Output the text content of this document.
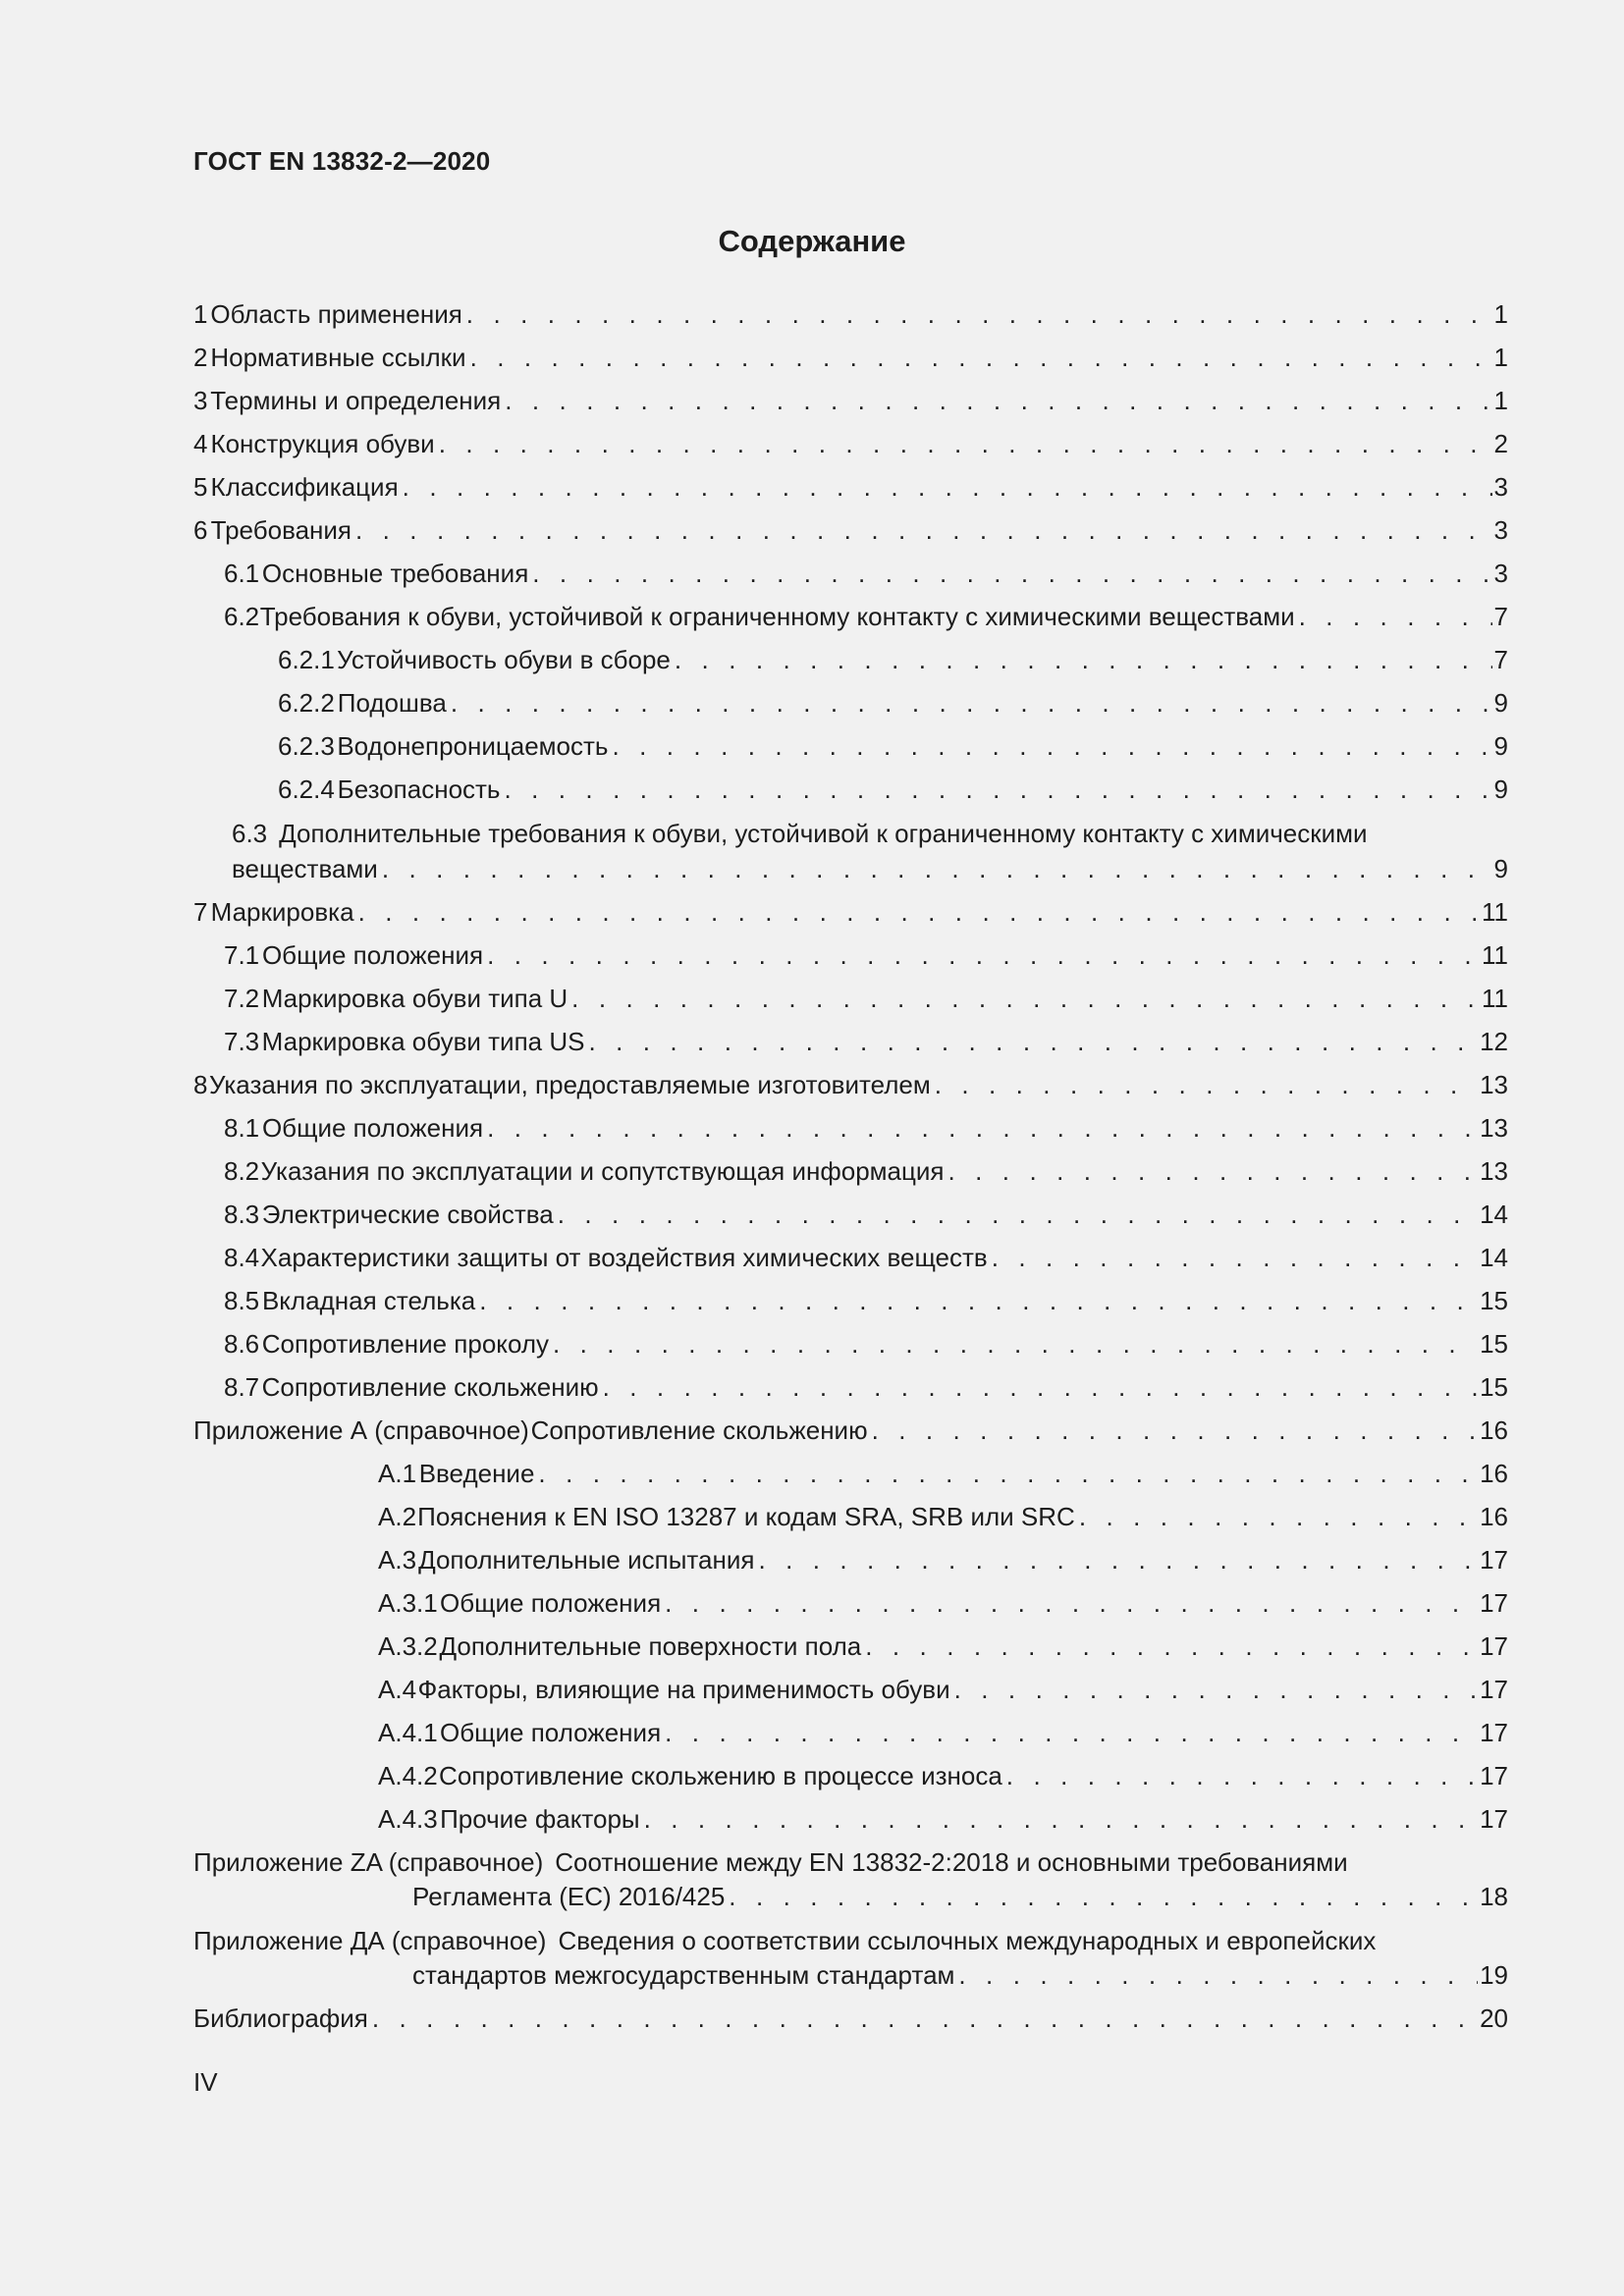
ГОСТ EN 13832-2—2020
Содержание
1 Область применения . . .	1
2 Нормативные ссылки . . .	1
3 Термины и определения . . .	1
4 Конструкция обуви . . .	2
5 Классификация . . .	3
6 Требования . . .	3
6.1 Основные требования . . .	3
6.2 Требования к обуви, устойчивой к ограниченному контакту с химическими веществами . . .	7
6.2.1 Устойчивость обуви в сборе . . .	7
6.2.2 Подошва . . .	9
6.2.3 Водонепроницаемость . . .	9
6.2.4 Безопасность . . .	9
6.3 Дополнительные требования к обуви, устойчивой к ограниченному контакту с химическими
веществами . . .	9
7 Маркировка . . .	11
7.1 Общие положения . . .	11
7.2 Маркировка обуви типа U . . .	11
7.3 Маркировка обуви типа US . . .	12
8 Указания по эксплуатации, предоставляемые изготовителем . . .	13
8.1 Общие положения . . .	13
8.2 Указания по эксплуатации и сопутствующая информация . . .	13
8.3 Электрические свойства . . .	14
8.4 Характеристики защиты от воздействия химических веществ . . .	14
8.5 Вкладная стелька . . .	15
8.6 Сопротивление проколу . . .	15
8.7 Сопротивление скольжению . . .	15
Приложение А (справочное) Сопротивление скольжению . . .	16
А.1 Введение . . .	16
А.2 Пояснения к EN ISO 13287 и кодам SRA, SRB или SRC . . .	16
А.3 Дополнительные испытания . . .	17
А.3.1 Общие положения . . .	17
А.3.2 Дополнительные поверхности пола . . .	17
А.4 Факторы, влияющие на применимость обуви . . .	17
А.4.1 Общие положения . . .	17
А.4.2 Сопротивление скольжению в процессе износа . . .	17
А.4.3 Прочие факторы . . .	17
Приложение ZA (справочное) Соотношение между EN 13832-2:2018 и основными требованиями
Регламента (ЕС) 2016/425 . . .	18
Приложение ДА (справочное) Сведения о соответствии ссылочных международных и европейских
стандартов межгосударственным стандартам . . .	19
Библиография . . .	20
IV
